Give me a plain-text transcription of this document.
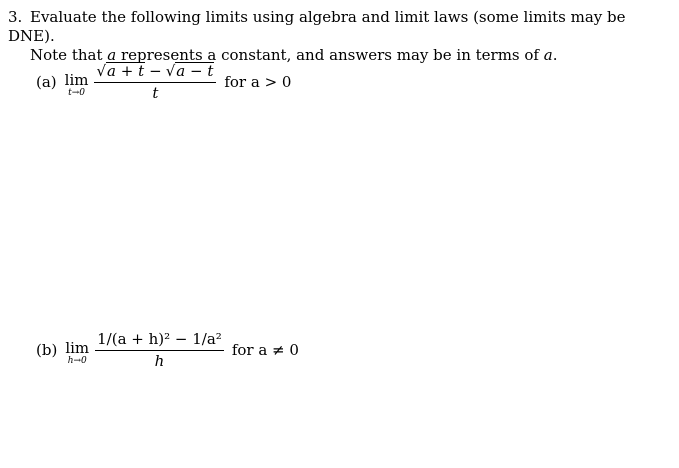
3. Evaluate the following limits using algebra and limit laws (some limits may be DNE).
Note that a represents a constant, and answers may be in terms of a.
(a) lim
$t\to 0 \frac{√ a + t - √ a - t}{t}$ for a > 0
(b) lim
$h\to 0 \frac{\text{1/(a + h)² − 1/a²}}{h}$ for a ≠ 0
